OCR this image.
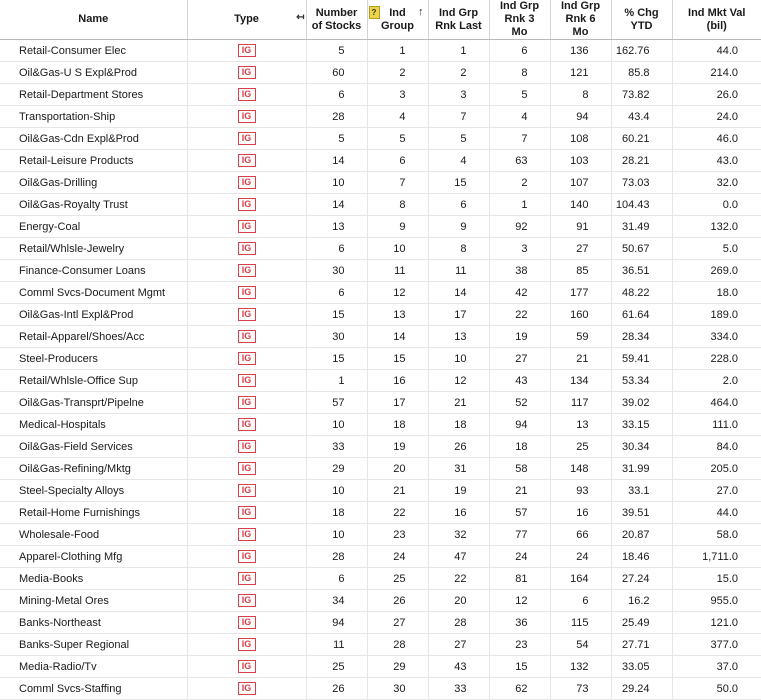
Name	Type ↤	Number of Stocks	? Ind Group
↑	Ind Grp Rnk Last	Ind Grp Rnk 3 Mo	Ind Grp Rnk 6 Mo	% Chg YTD	Ind Mkt Val (bil)

Retail-Consumer Elec	IG	5	1	1	6	136	162.76	44.0
Oil&Gas-U S Expl&Prod	IG	60	2	2	8	121	85.8	214.0
Retail-Department Stores	IG	6	3	3	5	8	73.82	26.0
Transportation-Ship	IG	28	4	7	4	94	43.4	24.0
Oil&Gas-Cdn Expl&Prod	IG	5	5	5	7	108	60.21	46.0
Retail-Leisure Products	IG	14	6	4	63	103	28.21	43.0
Oil&Gas-Drilling	IG	10	7	15	2	107	73.03	32.0
Oil&Gas-Royalty Trust	IG	14	8	6	1	140	104.43	0.0
Energy-Coal	IG	13	9	9	92	91	31.49	132.0
Retail/Whlsle-Jewelry	IG	6	10	8	3	27	50.67	5.0
Finance-Consumer Loans	IG	30	11	11	38	85	36.51	269.0
Comml Svcs-Document Mgmt	IG	6	12	14	42	177	48.22	18.0
Oil&Gas-Intl Expl&Prod	IG	15	13	17	22	160	61.64	189.0
Retail-Apparel/Shoes/Acc	IG	30	14	13	19	59	28.34	334.0
Steel-Producers	IG	15	15	10	27	21	59.41	228.0
Retail/Whlsle-Office Sup	IG	1	16	12	43	134	53.34	2.0
Oil&Gas-Transprt/Pipelne	IG	57	17	21	52	117	39.02	464.0
Medical-Hospitals	IG	10	18	18	94	13	33.15	111.0
Oil&Gas-Field Services	IG	33	19	26	18	25	30.34	84.0
Oil&Gas-Refining/Mktg	IG	29	20	31	58	148	31.99	205.0
Steel-Specialty Alloys	IG	10	21	19	21	93	33.1	27.0
Retail-Home Furnishings	IG	18	22	16	57	16	39.51	44.0
Wholesale-Food	IG	10	23	32	77	66	20.87	58.0
Apparel-Clothing Mfg	IG	28	24	47	24	24	18.46	1,711.0
Media-Books	IG	6	25	22	81	164	27.24	15.0
Mining-Metal Ores	IG	34	26	20	12	6	16.2	955.0
Banks-Northeast	IG	94	27	28	36	115	25.49	121.0
Banks-Super Regional	IG	11	28	27	23	54	27.71	377.0
Media-Radio/Tv	IG	25	29	43	15	132	33.05	37.0
Comml Svcs-Staffing	IG	26	30	33	62	73	29.24	50.0
